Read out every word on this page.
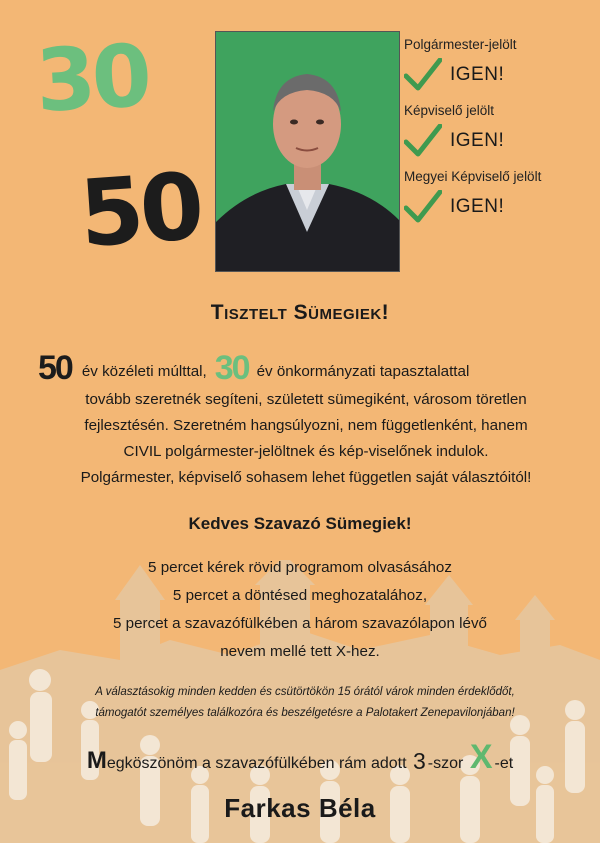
30
50
Polgármester-jelölt
IGEN!
Képviselő jelölt
IGEN!
Megyei Képviselő jelölt
IGEN!
Tisztelt Sümegiek!
50 év közéleti múlttal, 30 év önkormányzati tapasztalattal
tovább szeretnék segíteni, született sümegiként, városom töretlen
fejlesztésén. Szeretném hangsúlyozni, nem függetlenként, hanem
CIVIL polgármester-jelöltnek és kép-viselőnek indulok.
Polgármester, képviselő sohasem lehet független saját választóitól!
Kedves Szavazó Sümegiek!
5 percet kérek rövid programom olvasásához
5 percet a döntésed meghozatalához,
5 percet a szavazófülkében a három szavazólapon lévő
nevem mellé tett X-hez.
A választásokig minden kedden és csütörtökön 15 órától várok minden érdeklődőt,
támogatót személyes találkozóra és beszélgetésre a Palotakert Zenepavilonjában!
M egköszönöm a szavazófülkében rám adott
3 -szor
X -et
Farkas Béla
